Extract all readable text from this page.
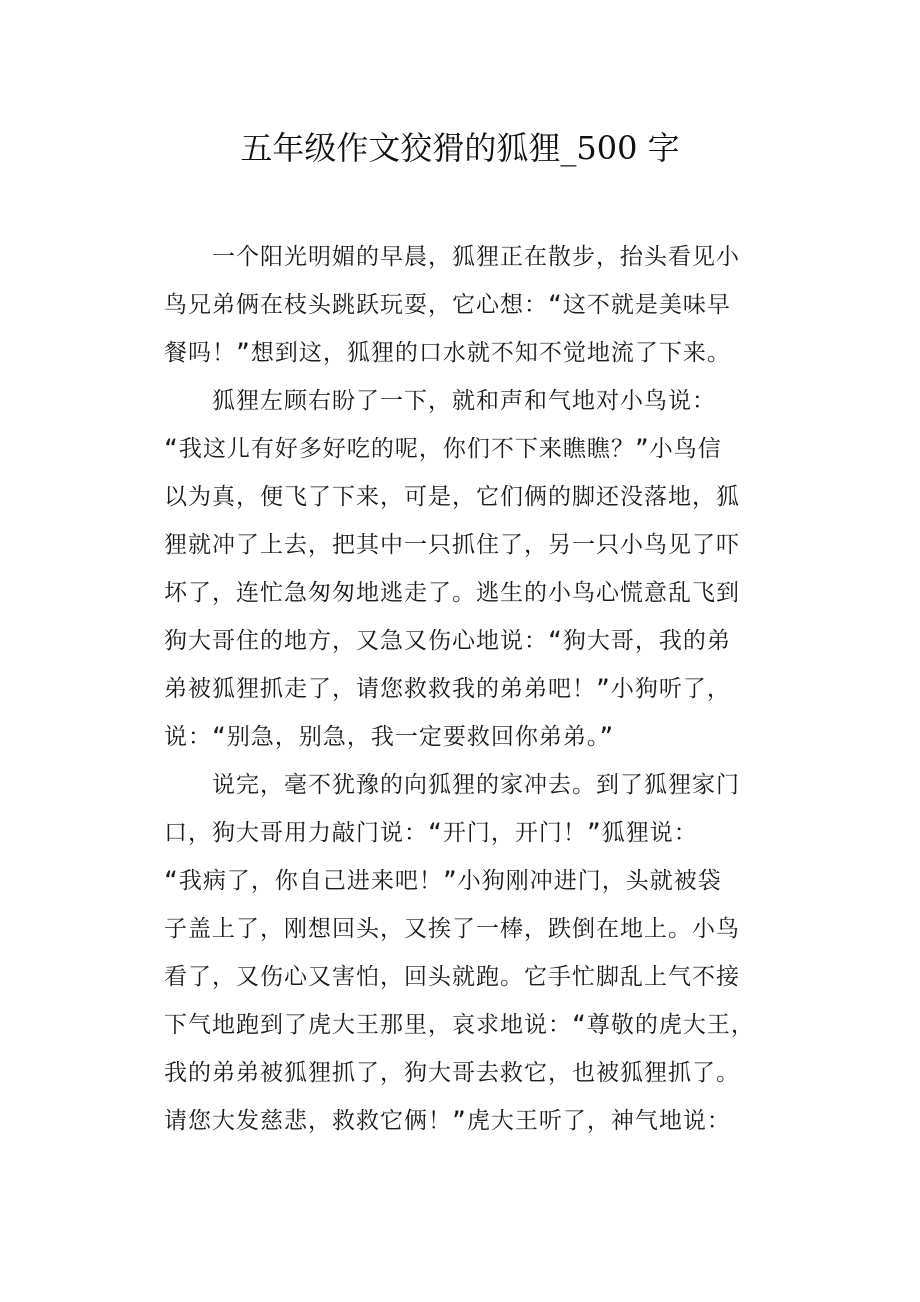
五年级作文狡猾的狐狸_500 字
　　一个阳光明媚的早晨，狐狸正在散步，抬头看见小
鸟兄弟俩在枝头跳跃玩耍，它心想：“这不就是美味早
餐吗！”想到这，狐狸的口水就不知不觉地流了下来。
　　狐狸左顾右盼了一下，就和声和气地对小鸟说：
“我这儿有好多好吃的呢，你们不下来瞧瞧？”小鸟信
以为真，便飞了下来，可是，它们俩的脚还没落地，狐
狸就冲了上去，把其中一只抓住了，另一只小鸟见了吓
坏了，连忙急匆匆地逃走了。逃生的小鸟心慌意乱飞到
狗大哥住的地方，又急又伤心地说：“狗大哥，我的弟
弟被狐狸抓走了，请您救救我的弟弟吧！”小狗听了，
说：“别急，别急，我一定要救回你弟弟。”
　　说完，毫不犹豫的向狐狸的家冲去。到了狐狸家门
口，狗大哥用力敲门说：“开门，开门！”狐狸说：
“我病了，你自己进来吧！”小狗刚冲进门，头就被袋
子盖上了，刚想回头，又挨了一棒，跌倒在地上。小鸟
看了，又伤心又害怕，回头就跑。它手忙脚乱上气不接
下气地跑到了虎大王那里，哀求地说：“尊敬的虎大王，
我的弟弟被狐狸抓了，狗大哥去救它，也被狐狸抓了。
请您大发慈悲，救救它俩！”虎大王听了，神气地说：
